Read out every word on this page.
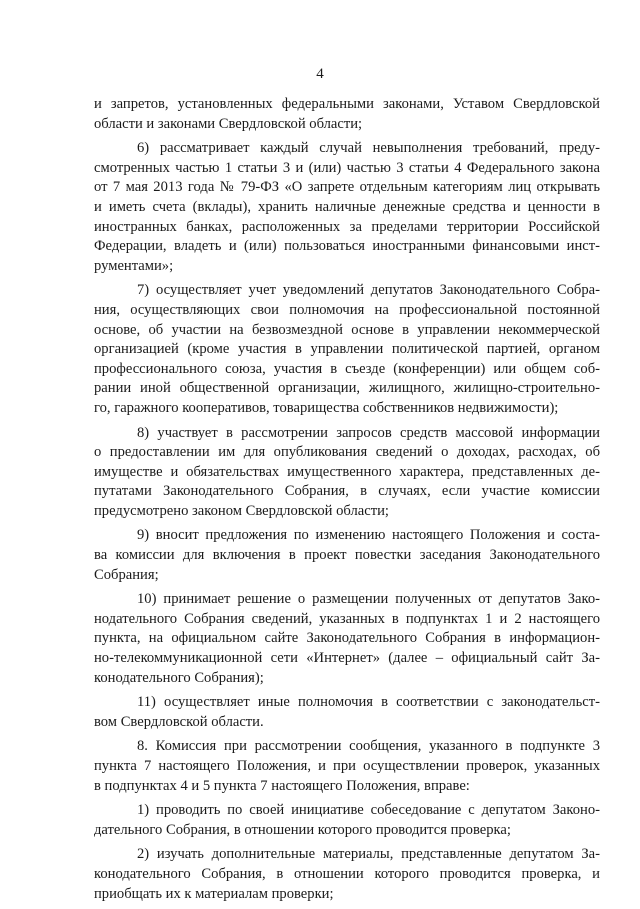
4

и запретов, установленных федеральными законами, Уставом Свердловской
области и законами Свердловской области;

6) рассматривает каждый случай невыполнения требований, преду-
смотренных частью 1 статьи 3 и (или) частью 3 статьи 4 Федерального закона
от 7 мая 2013 года № 79-ФЗ «О запрете отдельным категориям лиц открывать
и иметь счета (вклады), хранить наличные денежные средства и ценности в
иностранных банках, расположенных за пределами территории Российской
Федерации, владеть и (или) пользоваться иностранными финансовыми инст-
рументами»;

7) осуществляет учет уведомлений депутатов Законодательного Собра-
ния, осуществляющих свои полномочия на профессиональной постоянной
основе, об участии на безвозмездной основе в управлении некоммерческой
организацией (кроме участия в управлении политической партией, органом
профессионального союза, участия в съезде (конференции) или общем соб-
рании иной общественной организации, жилищного, жилищно-строительно-
го, гаражного кооперативов, товарищества собственников недвижимости);

8) участвует в рассмотрении запросов средств массовой информации
о предоставлении им для опубликования сведений о доходах, расходах, об
имуществе и обязательствах имущественного характера, представленных де-
путатами Законодательного Собрания, в случаях, если участие комиссии
предусмотрено законом Свердловской области;

9) вносит предложения по изменению настоящего Положения и соста-
ва комиссии для включения в проект повестки заседания Законодательного
Собрания;

10) принимает решение о размещении полученных от депутатов Зако-
нодательного Собрания сведений, указанных в подпунктах 1 и 2 настоящего
пункта, на официальном сайте Законодательного Собрания в информацион-
но-телекоммуникационной сети «Интернет» (далее – официальный сайт За-
конодательного Собрания);

11) осуществляет иные полномочия в соответствии с законодательст-
вом Свердловской области.

8. Комиссия при рассмотрении сообщения, указанного в подпункте 3
пункта 7 настоящего Положения, и при осуществлении проверок, указанных
в подпунктах 4 и 5 пункта 7 настоящего Положения, вправе:

1) проводить по своей инициативе собеседование с депутатом Законо-
дательного Собрания, в отношении которого проводится проверка;

2) изучать дополнительные материалы, представленные депутатом За-
конодательного Собрания, в отношении которого проводится проверка, и
приобщать их к материалам проверки;
